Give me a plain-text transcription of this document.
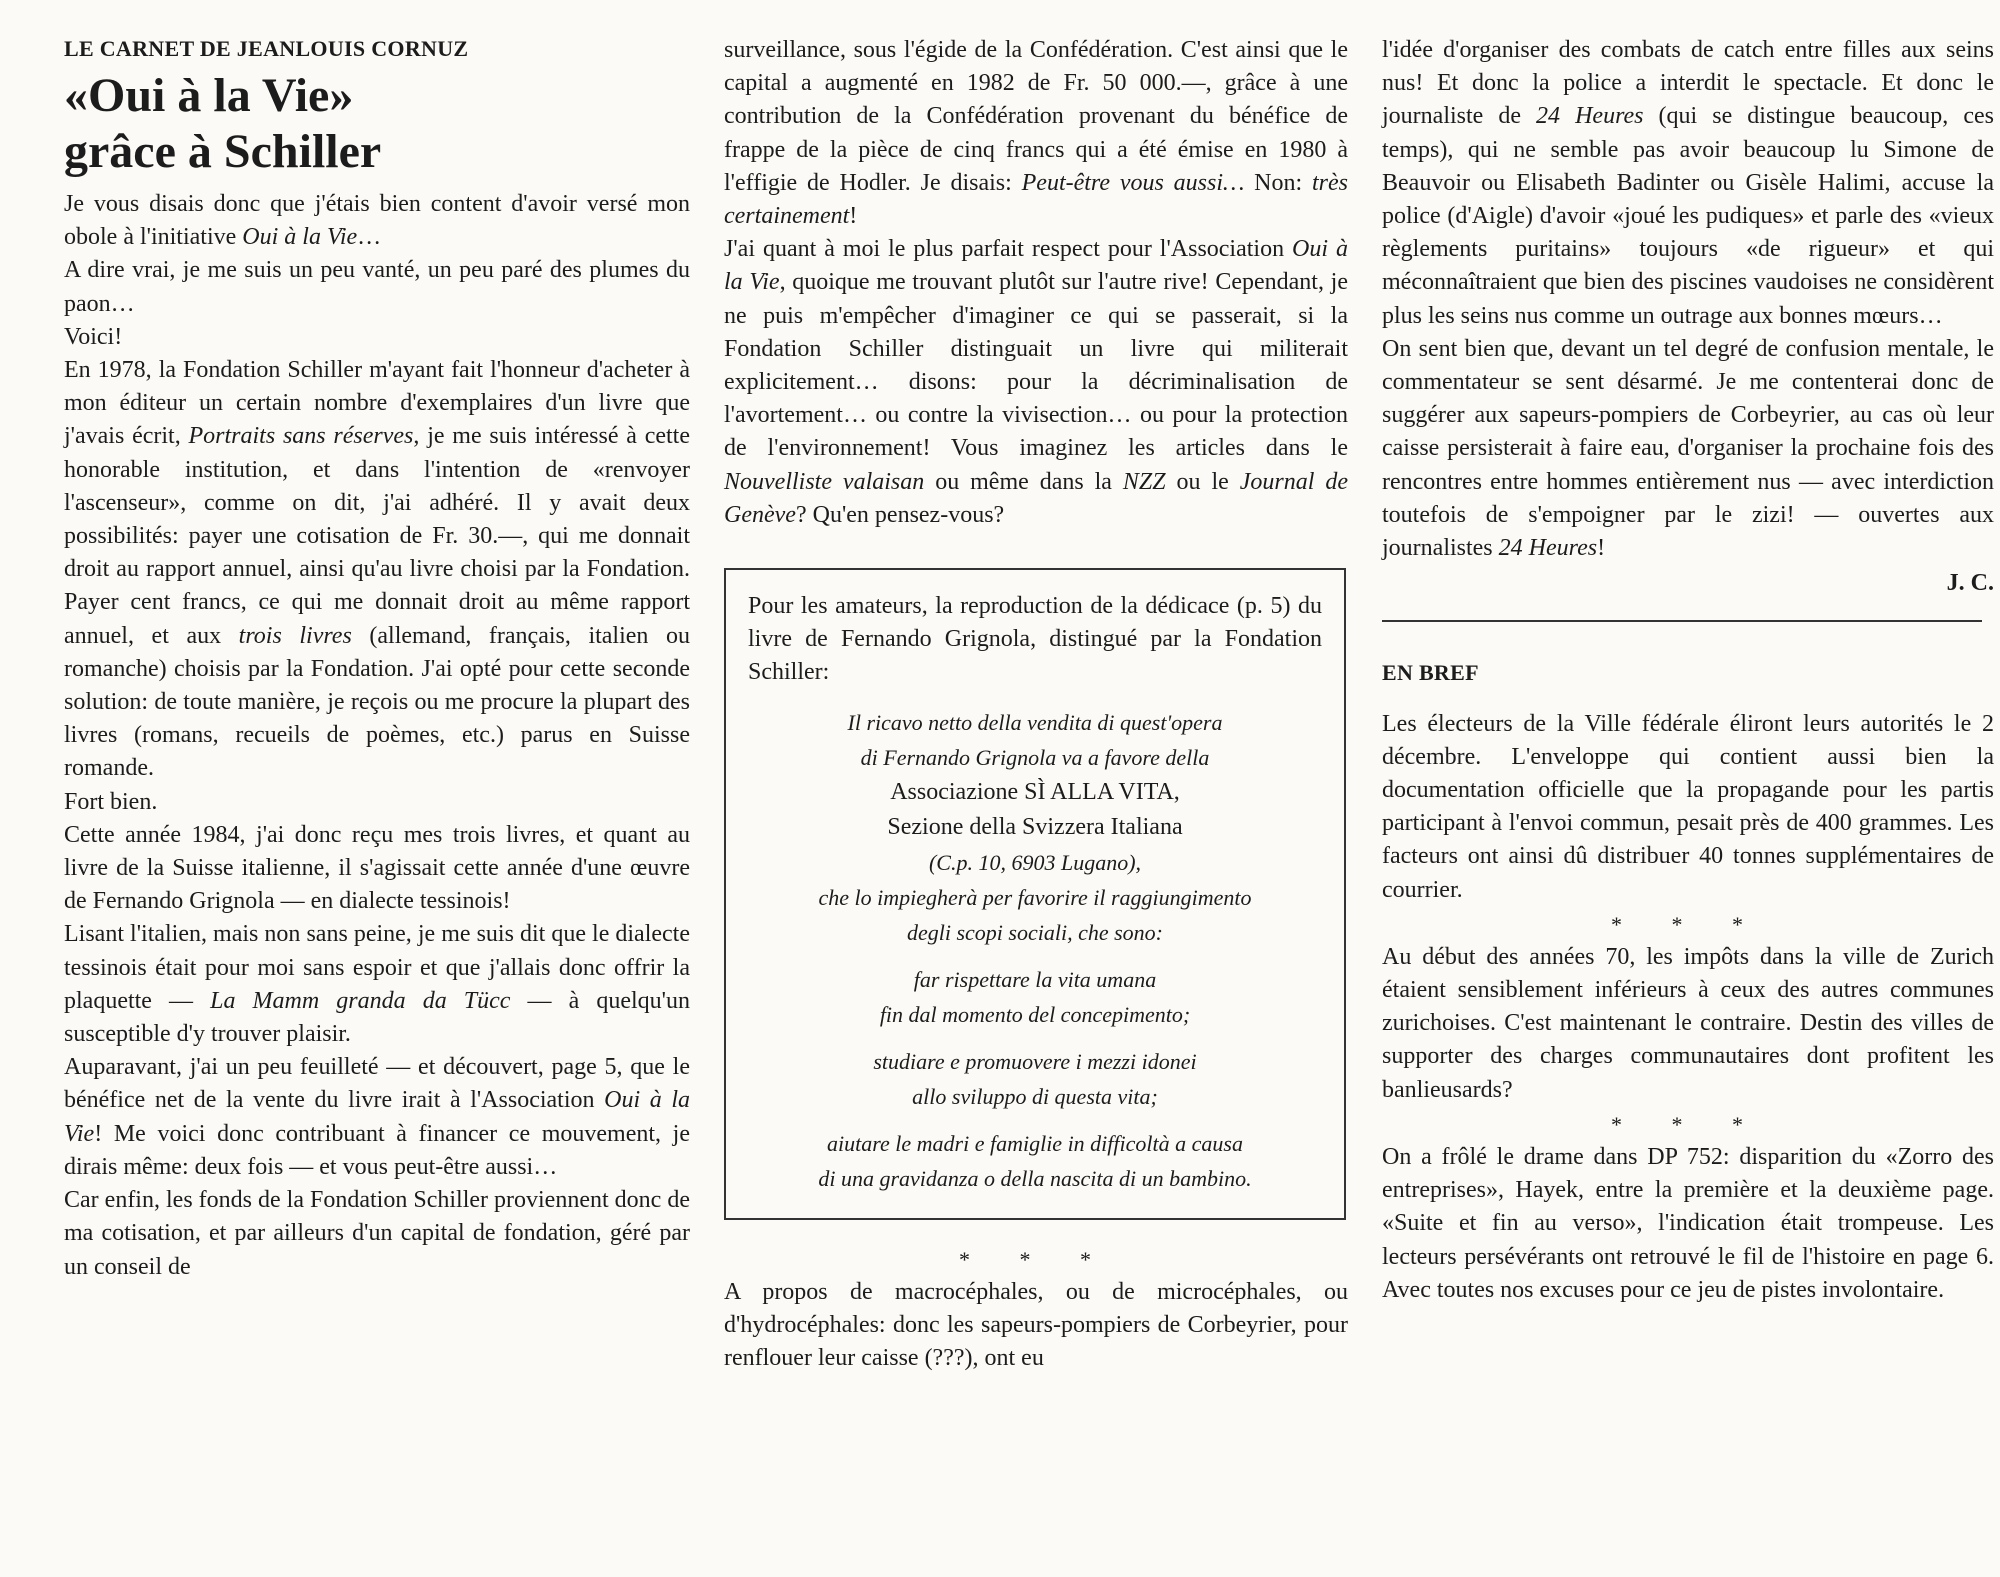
LE CARNET DE JEANLOUIS CORNUZ
«Oui à la Vie»
grâce à Schiller

Je vous disais donc que j'étais bien content d'avoir versé mon obole à l'initiative Oui à la Vie…

A dire vrai, je me suis un peu vanté, un peu paré des plumes du paon…

Voici!

En 1978, la Fondation Schiller m'ayant fait l'honneur d'acheter à mon éditeur un certain nombre d'exemplaires d'un livre que j'avais écrit, Portraits sans réserves, je me suis intéressé à cette honorable institution, et dans l'intention de «renvoyer l'ascenseur», comme on dit, j'ai adhéré. Il y avait deux possibilités: payer une cotisation de Fr. 30.—, qui me donnait droit au rapport annuel, ainsi qu'au livre choisi par la Fondation. Payer cent francs, ce qui me donnait droit au même rapport annuel, et aux trois livres (allemand, français, italien ou romanche) choisis par la Fondation. J'ai opté pour cette seconde solution: de toute manière, je reçois ou me procure la plupart des livres (romans, recueils de poèmes, etc.) parus en Suisse romande.

Fort bien.

Cette année 1984, j'ai donc reçu mes trois livres, et quant au livre de la Suisse italienne, il s'agissait cette année d'une œuvre de Fernando Grignola — en dialecte tessinois!

Lisant l'italien, mais non sans peine, je me suis dit que le dialecte tessinois était pour moi sans espoir et que j'allais donc offrir la plaquette — La Mamm granda da Tücc — à quelqu'un susceptible d'y trouver plaisir.

Auparavant, j'ai un peu feuilleté — et découvert, page 5, que le bénéfice net de la vente du livre irait à l'Association Oui à la Vie! Me voici donc contribuant à financer ce mouvement, je dirais même: deux fois — et vous peut-être aussi…

Car enfin, les fonds de la Fondation Schiller proviennent donc de ma cotisation, et par ailleurs d'un capital de fondation, géré par un conseil de

surveillance, sous l'égide de la Confédération. C'est ainsi que le capital a augmenté en 1982 de Fr. 50 000.—, grâce à une contribution de la Confédération provenant du bénéfice de frappe de la pièce de cinq francs qui a été émise en 1980 à l'effigie de Hodler. Je disais: Peut-être vous aussi… Non: très certainement!

J'ai quant à moi le plus parfait respect pour l'Association Oui à la Vie, quoique me trouvant plutôt sur l'autre rive! Cependant, je ne puis m'empêcher d'imaginer ce qui se passerait, si la Fondation Schiller distinguait un livre qui militerait explicitement… disons: pour la décriminalisation de l'avortement… ou contre la vivisection… ou pour la protection de l'environnement! Vous imaginez les articles dans le Nouvelliste valaisan ou même dans la NZZ ou le Journal de Genève? Qu'en pensez-vous?

Pour les amateurs, la reproduction de la dédicace (p. 5) du livre de Fernando Grignola, distingué par la Fondation Schiller:

Il ricavo netto della vendita di quest'opera
di Fernando Grignola va a favore della
Associazione SÌ ALLA VITA,
Sezione della Svizzera Italiana
(C.p. 10, 6903 Lugano),
che lo impiegherà per favorire il raggiungimento
degli scopi sociali, che sono:
far rispettare la vita umana
fin dal momento del concepimento;
studiare e promuovere i mezzi idonei
allo sviluppo di questa vita;
aiutare le madri e famiglie in difficoltà a causa
di una gravidanza o della nascita di un bambino.
* * *

A propos de macrocéphales, ou de microcéphales, ou d'hydrocéphales: donc les sapeurs-pompiers de Corbeyrier, pour renflouer leur caisse (???), ont eu

l'idée d'organiser des combats de catch entre filles aux seins nus! Et donc la police a interdit le spectacle. Et donc le journaliste de 24 Heures (qui se distingue beaucoup, ces temps), qui ne semble pas avoir beaucoup lu Simone de Beauvoir ou Elisabeth Badinter ou Gisèle Halimi, accuse la police (d'Aigle) d'avoir «joué les pudiques» et parle des «vieux règlements puritains» toujours «de rigueur» et qui méconnaîtraient que bien des piscines vaudoises ne considèrent plus les seins nus comme un outrage aux bonnes mœurs…

On sent bien que, devant un tel degré de confusion mentale, le commentateur se sent désarmé. Je me contenterai donc de suggérer aux sapeurs-pompiers de Corbeyrier, au cas où leur caisse persisterait à faire eau, d'organiser la prochaine fois des rencontres entre hommes entièrement nus — avec interdiction toutefois de s'empoigner par le zizi! — ouvertes aux journalistes 24 Heures!

J. C.
EN BREF

Les électeurs de la Ville fédérale éliront leurs autorités le 2 décembre. L'enveloppe qui contient aussi bien la documentation officielle que la propagande pour les partis participant à l'envoi commun, pesait près de 400 grammes. Les facteurs ont ainsi dû distribuer 40 tonnes supplémentaires de courrier.

* * *

Au début des années 70, les impôts dans la ville de Zurich étaient sensiblement inférieurs à ceux des autres communes zurichoises. C'est maintenant le contraire. Destin des villes de supporter des charges communautaires dont profitent les banlieusards?

* * *

On a frôlé le drame dans DP 752: disparition du «Zorro des entreprises», Hayek, entre la première et la deuxième page. «Suite et fin au verso», l'indication était trompeuse. Les lecteurs persévérants ont retrouvé le fil de l'histoire en page 6. Avec toutes nos excuses pour ce jeu de pistes involontaire.
